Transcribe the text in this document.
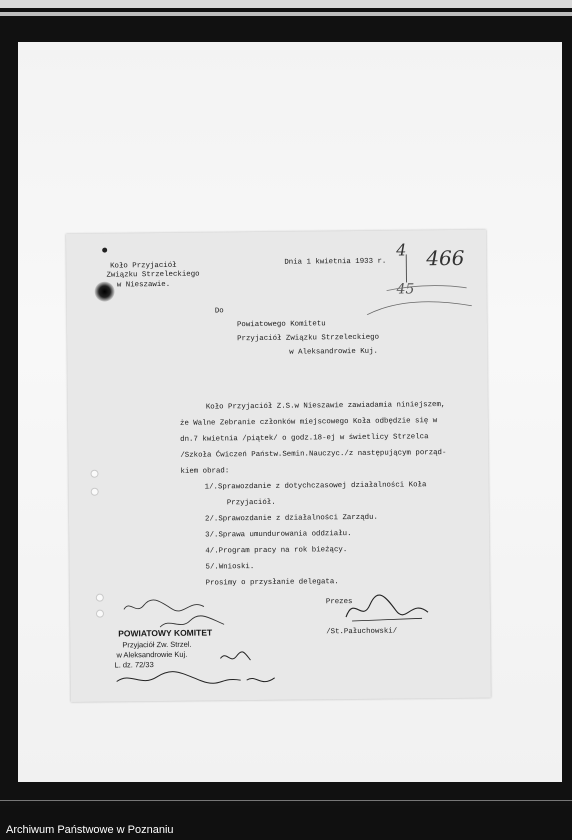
Koło Przyjaciół
Związku Strzeleckiego
w Nieszawie.
Dnia 1 kwietnia 1933 r.
4 466
45
Do
Powiatowego Komitetu
Przyjaciół Związku Strzeleckiego
w Aleksandrowie Kuj.
Koło Przyjaciół Z.S.w Nieszawie zawiadamia niniejszem,
że Walne Zebranie członków miejscowego Koła odbędzie się w
dn.7 kwietnia /piątek/ o godz.18-ej w świetlicy Strzelca
/Szkoła Ćwiczeń Państw.Semin.Nauczyc./z następującym porząd-
kiem obrad:
1/.Sprawozdanie z dotychczasowej działalności Koła
Przyjaciół.
2/.Sprawozdanie z działalności Zarządu.
3/.Sprawa umundurowania oddziału.
4/.Program pracy na rok bieżący.
5/.Wnioski.
Prosimy o przysłanie delegata.
Prezes
/St.Pałuchowski/
POWIATOWY KOMITET
Przyjaciół Zw. Strzel.
w Aleksandrowie Kuj.
L. dz. 72/33
Archiwum Państwowe w Poznaniu
